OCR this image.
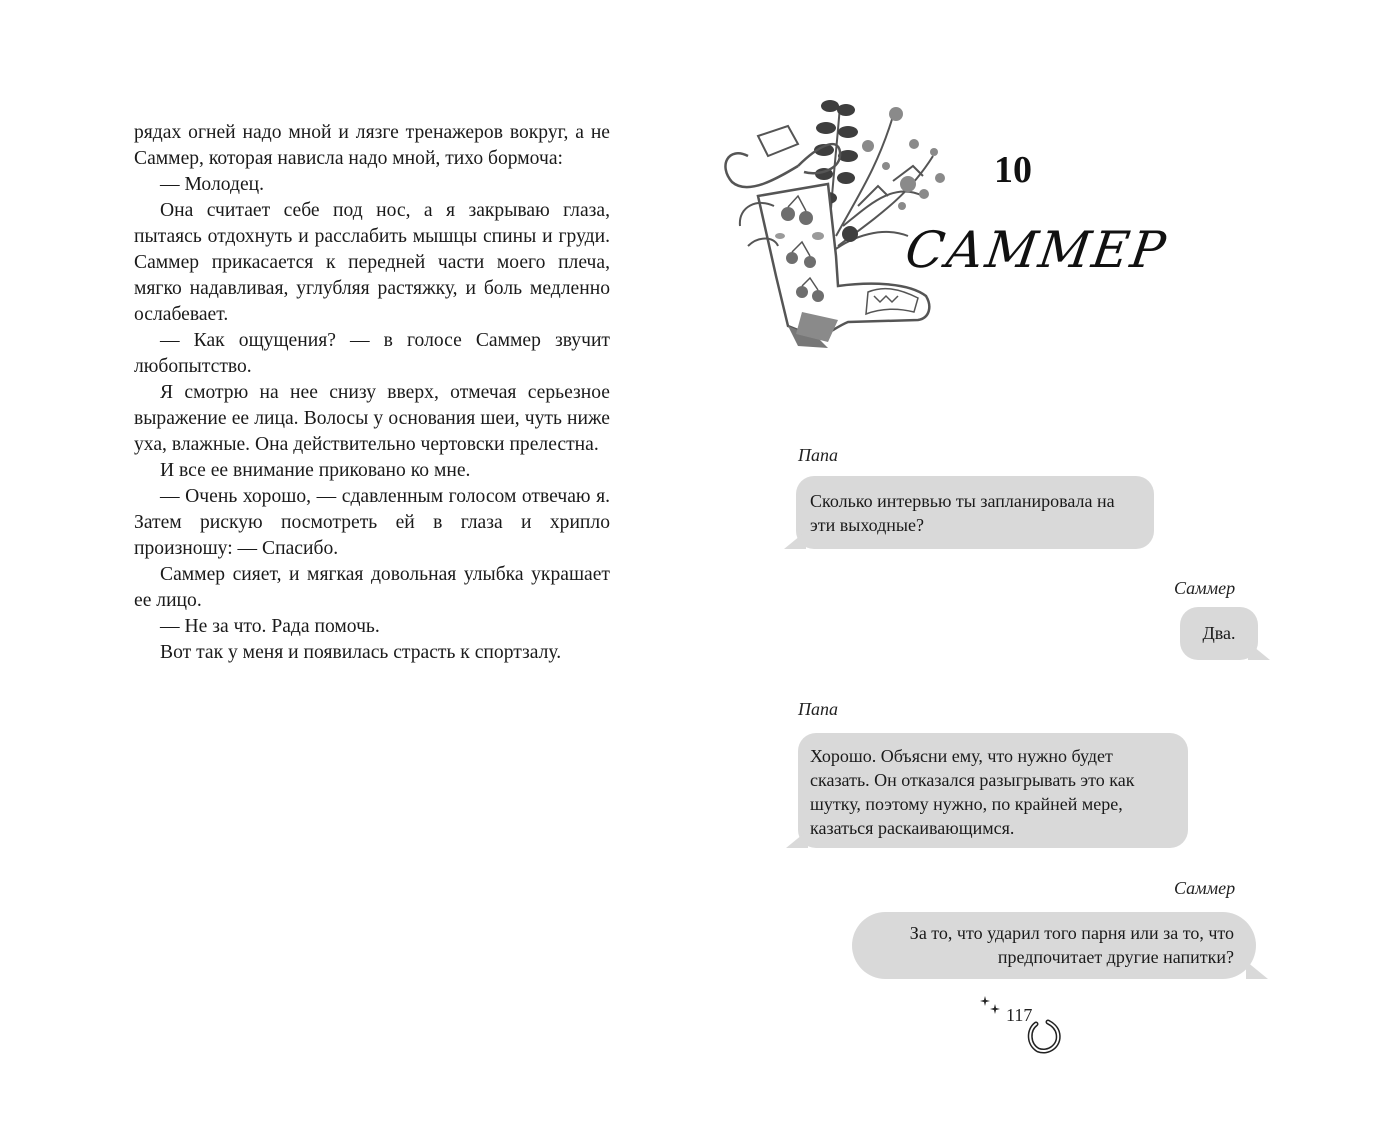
рядах огней надо мной и лязге тренажеров вокруг, а не Саммер, которая нависла надо мной, тихо бормоча:

— Молодец.

Она считает себе под нос, а я закрываю глаза, пытаясь отдохнуть и расслабить мышцы спины и груди. Саммер прикасается к передней части моего плеча, мягко надавливая, углубляя растяжку, и боль медленно ослабевает.

— Как ощущения? — в голосе Саммер звучит любопытство.

Я смотрю на нее снизу вверх, отмечая серьезное выражение ее лица. Волосы у основания шеи, чуть ниже уха, влажные. Она действительно чертовски прелестна.

И все ее внимание приковано ко мне.

— Очень хорошо, — сдавленным голосом отвечаю я. Затем рискую посмотреть ей в глаза и хрипло произношу: — Спасибо.

Саммер сияет, и мягкая довольная улыбка украшает ее лицо.

— Не за что. Рада помочь.

Вот так у меня и появилась страсть к спортзалу.

10
САММЕР
Папа
Сколько интервью ты запланировала на эти выходные?
Саммер
Два.
Папа
Хорошо. Объясни ему, что нужно будет сказать. Он отказался разыгрывать это как шутку, поэтому нужно, по крайней мере, казаться раскаивающимся.
Саммер
За то, что ударил того парня или за то, что предпочитает другие напитки?
117
